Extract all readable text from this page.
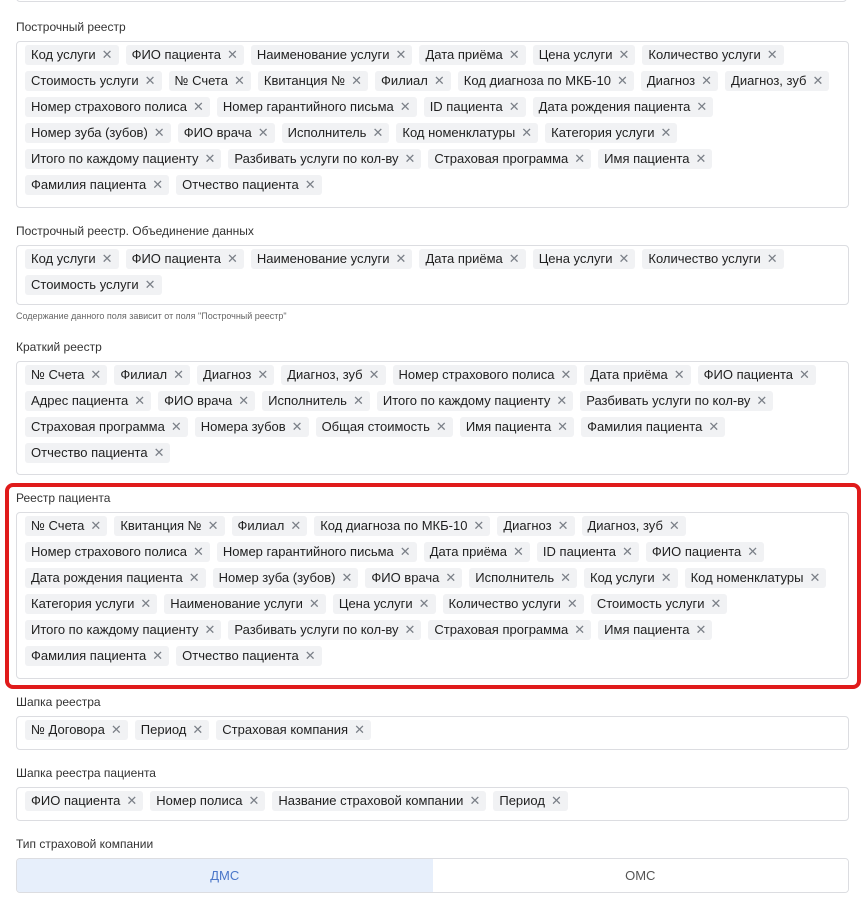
Построчный реестр
Код услуги ✕ ФИО пациента ✕ Наименование услуги ✕ Дата приёма ✕ Цена услуги ✕ Количество услуги ✕
Стоимость услуги ✕ № Счета ✕ Квитанция № ✕ Филиал ✕ Код диагноза по МКБ-10 ✕ Диагноз ✕ Диагноз, зуб ✕
Номер страхового полиса ✕ Номер гарантийного письма ✕ ID пациента ✕ Дата рождения пациента ✕
Номер зуба (зубов) ✕ ФИО врача ✕ Исполнитель ✕ Код номенклатуры ✕ Категория услуги ✕
Итого по каждому пациенту ✕ Разбивать услуги по кол-ву ✕ Страховая программа ✕ Имя пациента ✕
Фамилия пациента ✕ Отчество пациента ✕
Построчный реестр. Объединение данных
Код услуги ✕ ФИО пациента ✕ Наименование услуги ✕ Дата приёма ✕ Цена услуги ✕ Количество услуги ✕
Стоимость услуги ✕
Содержание данного поля зависит от поля "Построчный реестр"
Краткий реестр
№ Счета ✕ Филиал ✕ Диагноз ✕ Диагноз, зуб ✕ Номер страхового полиса ✕ Дата приёма ✕ ФИО пациента ✕
Адрес пациента ✕ ФИО врача ✕ Исполнитель ✕ Итого по каждому пациенту ✕ Разбивать услуги по кол-ву ✕
Страховая программа ✕ Номера зубов ✕ Общая стоимость ✕ Имя пациента ✕ Фамилия пациента ✕
Отчество пациента ✕
Реестр пациента
№ Счета ✕ Квитанция № ✕ Филиал ✕ Код диагноза по МКБ-10 ✕ Диагноз ✕ Диагноз, зуб ✕
Номер страхового полиса ✕ Номер гарантийного письма ✕ Дата приёма ✕ ID пациента ✕ ФИО пациента ✕
Дата рождения пациента ✕ Номер зуба (зубов) ✕ ФИО врача ✕ Исполнитель ✕ Код услуги ✕ Код номенклатуры ✕
Категория услуги ✕ Наименование услуги ✕ Цена услуги ✕ Количество услуги ✕ Стоимость услуги ✕
Итого по каждому пациенту ✕ Разбивать услуги по кол-ву ✕ Страховая программа ✕ Имя пациента ✕
Фамилия пациента ✕ Отчество пациента ✕
Шапка реестра
№ Договора ✕ Период ✕ Страховая компания ✕
Шапка реестра пациента
ФИО пациента ✕ Номер полиса ✕ Название страховой компании ✕ Период ✕
Тип страховой компании
ДМС	ОМС
